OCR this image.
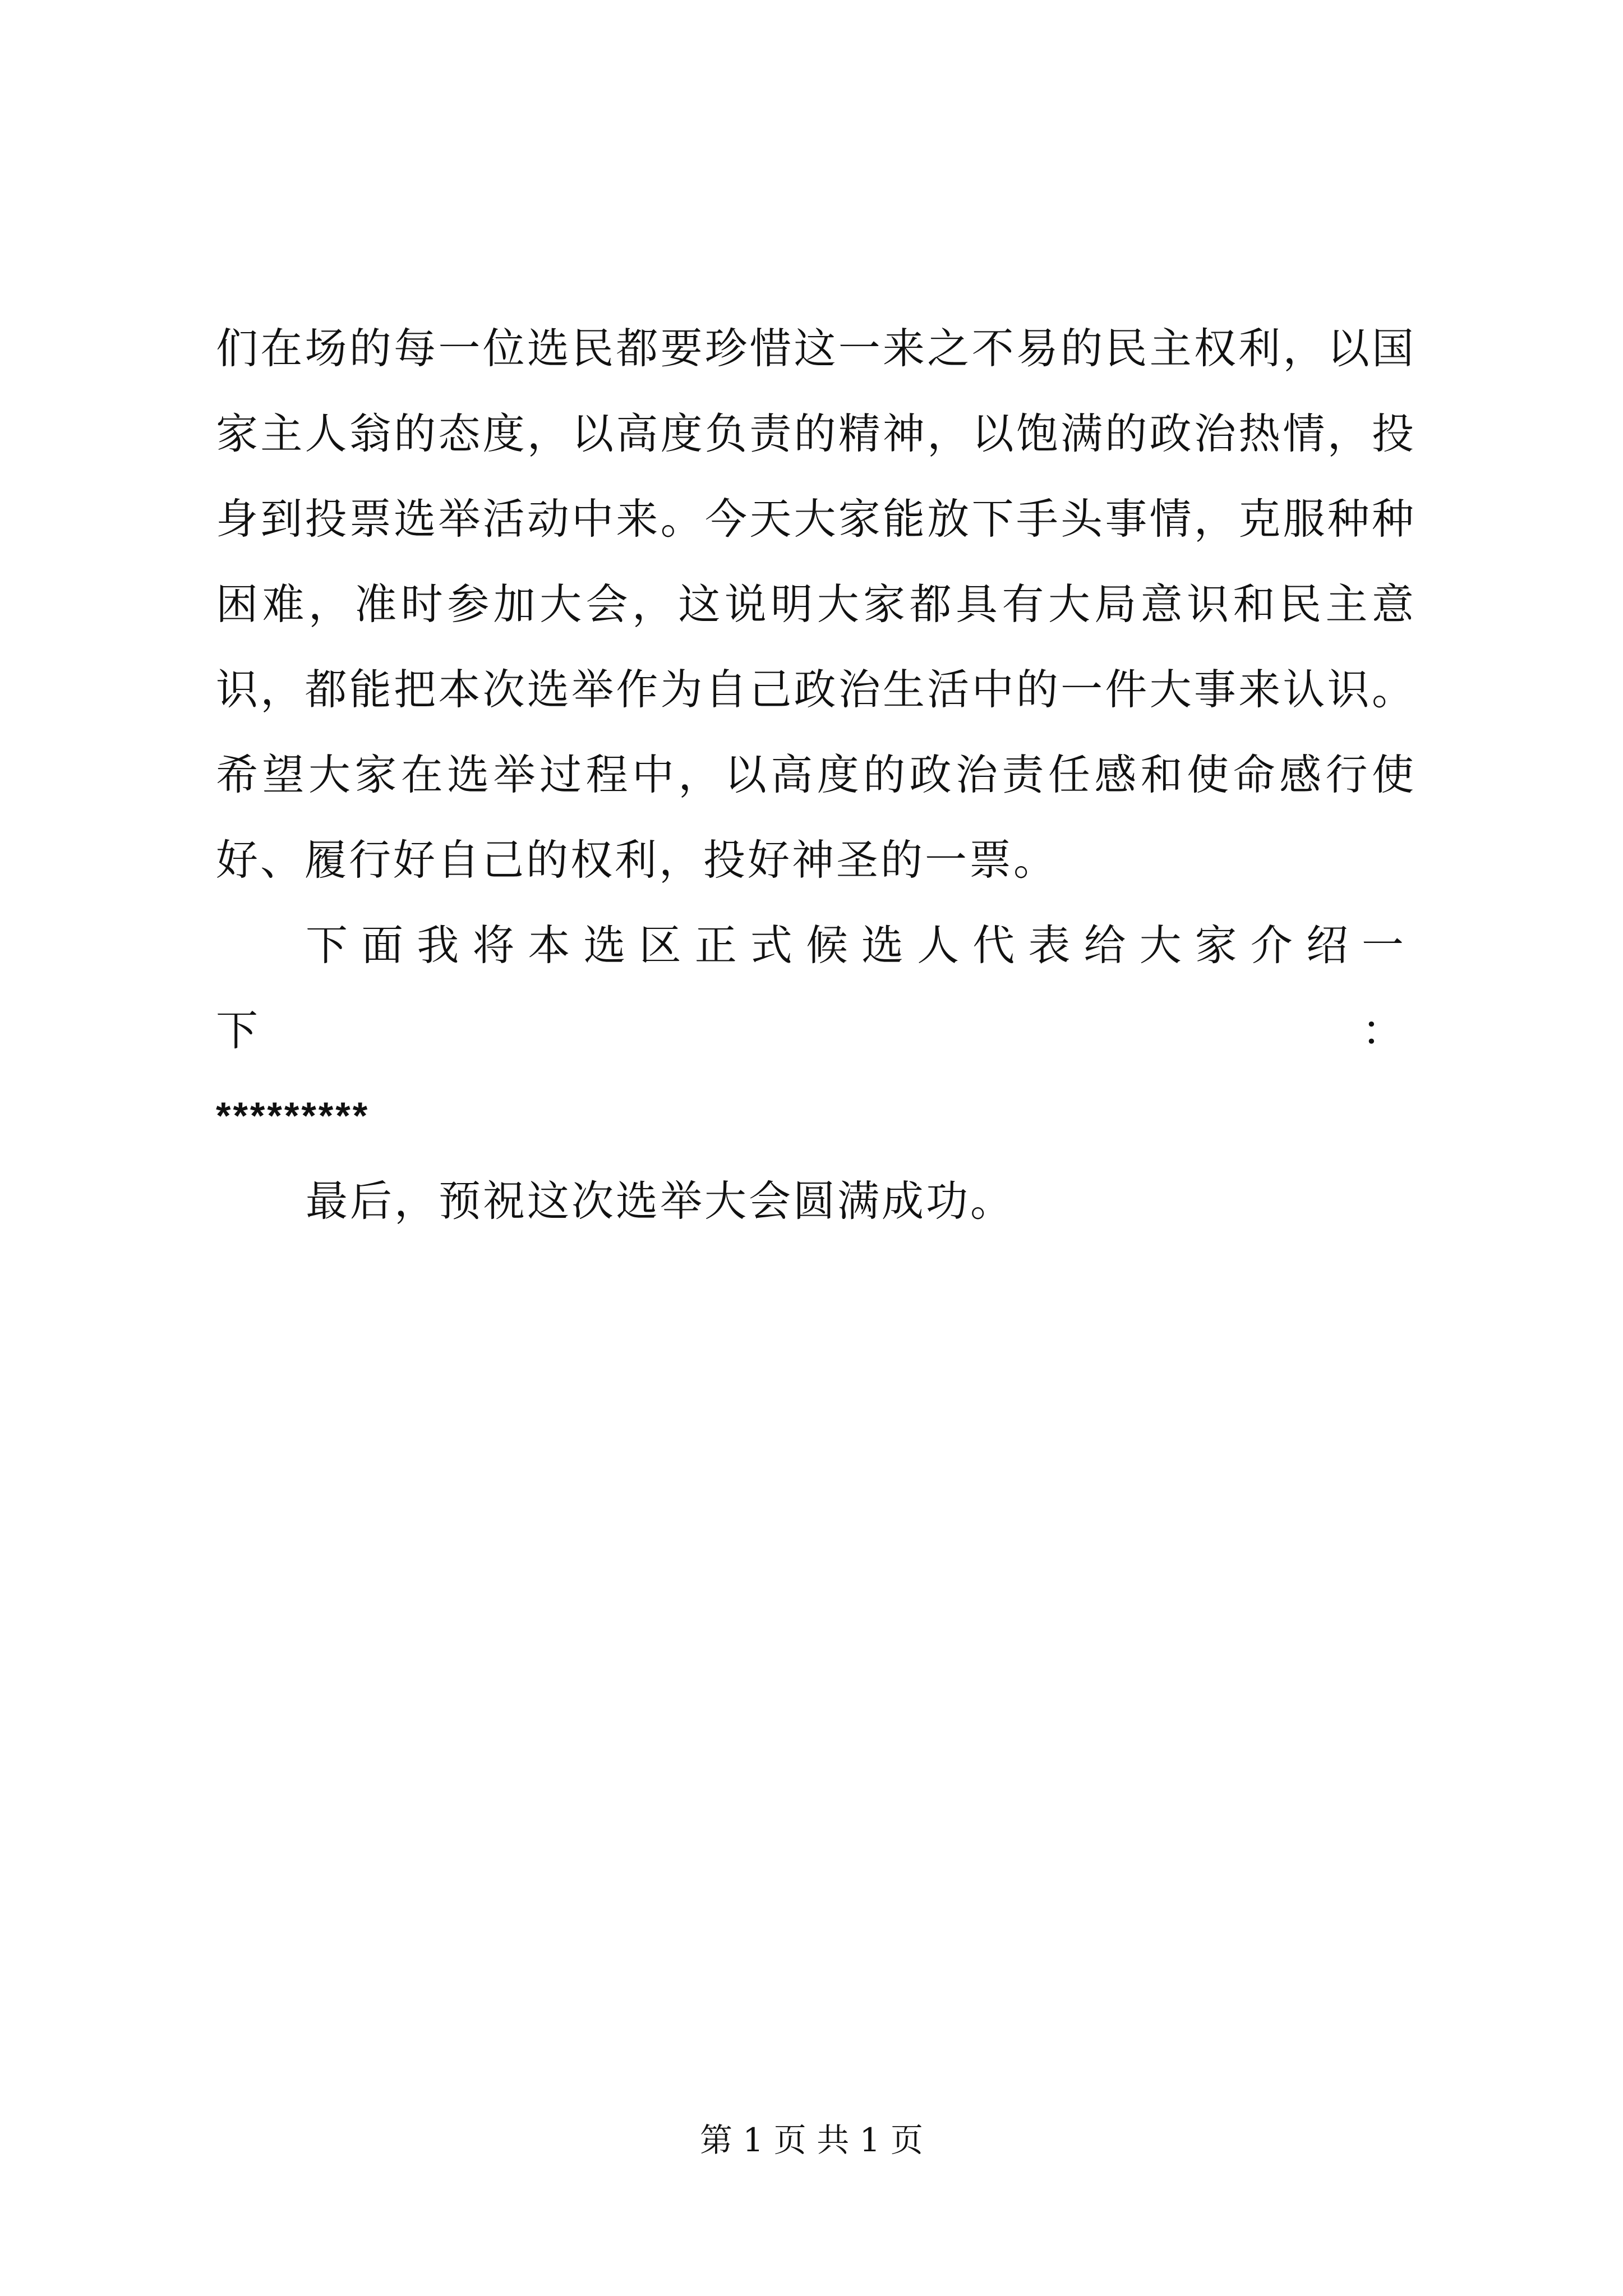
们在场的每一位选民都要珍惜这一来之不易的民主权利，以国家主人翁的态度，以高度负责的精神，以饱满的政治热情，投身到投票选举活动中来。今天大家能放下手头事情，克服种种困难，准时参加大会，这说明大家都具有大局意识和民主意识，都能把本次选举作为自己政治生活中的一件大事来认识。希望大家在选举过程中，以高度的政治责任感和使命感行使好、履行好自己的权利，投好神圣的一票。

下面我将本选区正式候选人代表给大家介绍一下：

*********

最后，预祝这次选举大会圆满成功。

第 1 页 共 1 页
